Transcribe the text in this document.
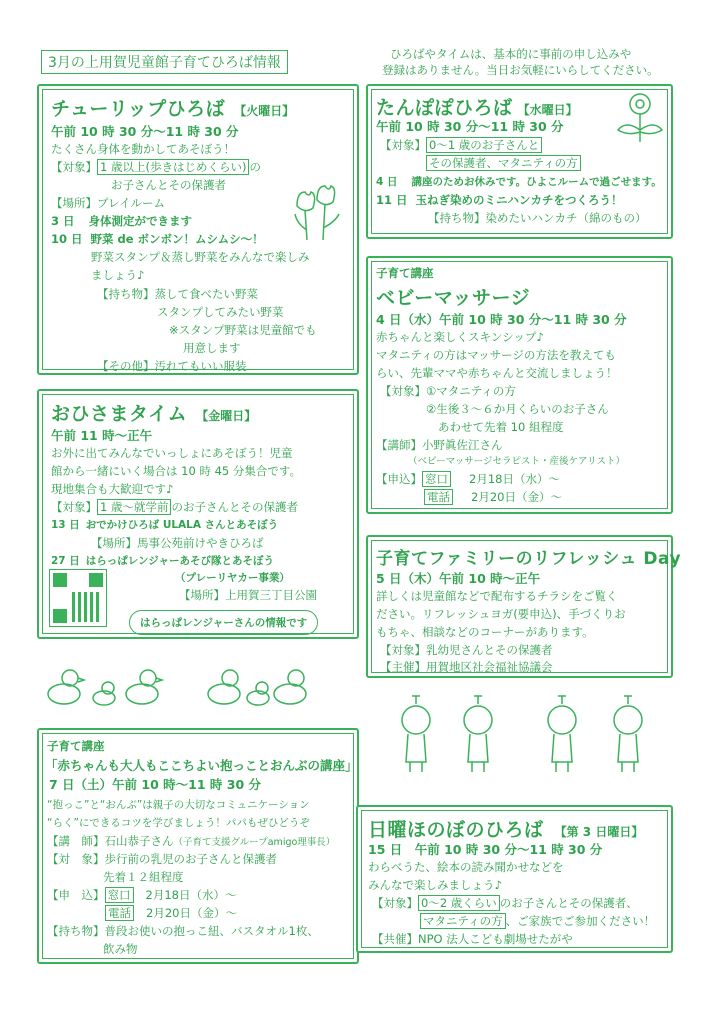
3月の上用賀児童館子育てひろば情報
ひろばやタイムは、基本的に事前の申し込みや
登録はありません。当日お気軽にいらしてください。
チューリップひろば 【火曜日】
午前 10 時 30 分～11 時 30 分
たくさん身体を動かしてあそぼう！
【対象】 1 歳以上(歩きはじめくらい) の
お子さんとその保護者
【場所】プレイルーム
3 日 身体測定ができます
10 日 野菜 de ボンボン！ムシムシ～！
野菜スタンプ＆蒸し野菜をみんなで楽しみ
ましょう♪
【持ち物】蒸して食べたい野菜
スタンプしてみたい野菜
※スタンプ野菜は児童館でも
用意します
【その他】汚れてもいい服装
たんぽぽひろば 【水曜日】
午前 10 時 30 分～11 時 30 分
【対象】 0～1 歳のお子さんと
その保護者、マタニティの方
4 日 講座のためお休みです。ひよこルームで過ごせます。
11 日 玉ねぎ染めのミニハンカチをつくろう！
【持ち物】染めたいハンカチ（綿のもの）
子育て講座
ベビーマッサージ
4 日（水）午前 10 時 30 分～11 時 30 分
赤ちゃんと楽しくスキンシップ♪
マタニティの方はマッサージの方法を教えても
らい、先輩ママや赤ちゃんと交流しましょう！
【対象】①マタニティの方
②生後３～６か月くらいのお子さん
あわせて先着 10 組程度
【講師】小野眞佐江さん
（ベビーマッサージセラピスト・産後ケアリスト）
【申込】 窓口 2月18日（水）～
電話 2月20日（金）～
おひさまタイム 【金曜日】
午前 11 時～正午
お外に出てみんなでいっしょにあそぼう！児童
館から一緒にいく場合は 10 時 45 分集合です。
現地集合も大歓迎です♪
【対象】 1 歳～就学前 のお子さんとその保護者
13 日 おでかけひろば ULALA さんとあそぼう
【場所】馬事公苑前けやきひろば
27 日 はらっぱレンジャーあそび隊とあそぼう
（プレーリヤカー事業）
【場所】上用賀三丁目公園
はらっぱレンジャーさんの情報です
子育てファミリーのリフレッシュ Day
5 日（木）午前 10 時～正午
詳しくは児童館などで配布するチラシをご覧く
ださい。リフレッシュヨガ(要申込)、手づくりお
もちゃ、相談などのコーナーがあります。
【対象】乳幼児さんとその保護者
【主催】用賀地区社会福祉協議会
子育て講座
「赤ちゃんも大人もここちよい抱っことおんぶの講座」
7 日（土）午前 10 時～11 時 30 分
“抱っこ”と“おんぶ”は親子の大切なコミュニケーション
“らく”にできるコツを学びましょう！パパもぜひどうぞ
【講　師】石山恭子さん（子育て支援グループamigo理事長）
【対　象】歩行前の乳児のお子さんと保護者
先着１２組程度
【申　込】 窓口 2月18日（水）～
電話 2月20日（金）～
【持ち物】普段お使いの抱っこ紐、バスタオル1枚、
飲み物
日曜ほのぼのひろば 【第 3 日曜日】
15 日　午前 10 時 30 分～11 時 30 分
わらべうた、絵本の読み聞かせなどを
みんなで楽しみましょう♪
【対象】 0～2 歳くらい のお子さんとその保護者、
マタニティの方 、ご家族でご参加ください！
【共催】NPO 法人こども劇場せたがや
